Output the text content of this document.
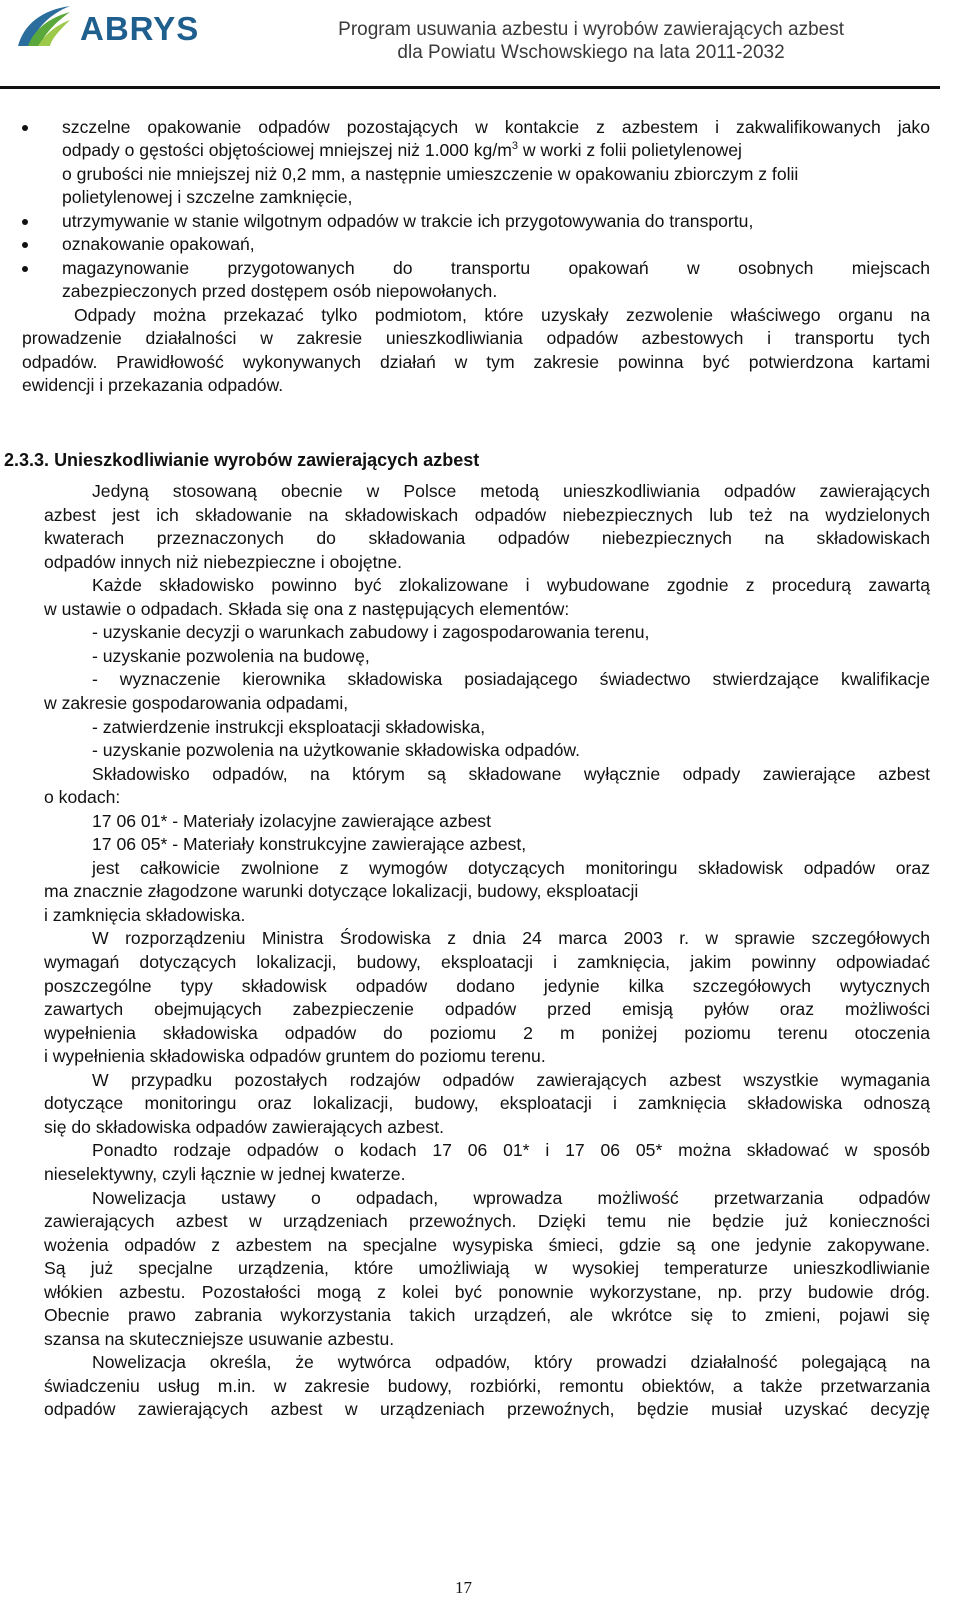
ABRYS	Program usuwania azbestu i wyrobów zawierających azbest
dla Powiatu Wschowskiego na lata 2011-2032
szczelne opakowanie odpadów pozostających w kontakcie z azbestem i zakwalifikowanych jako
odpady o gęstości objętościowej mniejszej niż 1.000 $kg/m^3$ w worki z folii polietylenowej
o grubości nie mniejszej niż 0,2 mm, a następnie umieszczenie w opakowaniu zbiorczym z folii
polietylenowej i szczelne zamknięcie,
utrzymywanie w stanie wilgotnym odpadów w trakcie ich przygotowywania do transportu,
oznakowanie opakowań,
magazynowanie przygotowanych do transportu opakowań w osobnych miejscach
zabezpieczonych przed dostępem osób niepowołanych.
Odpady można przekazać tylko podmiotom, które uzyskały zezwolenie właściwego organu na
prowadzenie działalności w zakresie unieszkodliwiania odpadów azbestowych i transportu tych
odpadów. Prawidłowość wykonywanych działań w tym zakresie powinna być potwierdzona kartami
ewidencji i przekazania odpadów.
2.3.3. Unieszkodliwianie wyrobów zawierających azbest
Jedyną stosowaną obecnie w Polsce metodą unieszkodliwiania odpadów zawierających
azbest jest ich składowanie na składowiskach odpadów niebezpiecznych lub też na wydzielonych
kwaterach przeznaczonych do składowania odpadów niebezpiecznych na składowiskach
odpadów innych niż niebezpieczne i obojętne.
Każde składowisko powinno być zlokalizowane i wybudowane zgodnie z procedurą zawartą
w ustawie o odpadach. Składa się ona z następujących elementów:
- uzyskanie decyzji o warunkach zabudowy i zagospodarowania terenu,
- uzyskanie pozwolenia na budowę,
- wyznaczenie kierownika składowiska posiadającego świadectwo stwierdzające kwalifikacje
w zakresie gospodarowania odpadami,
- zatwierdzenie instrukcji eksploatacji składowiska,
- uzyskanie pozwolenia na użytkowanie składowiska odpadów.
Składowisko odpadów, na którym są składowane wyłącznie odpady zawierające azbest
o kodach:
17 06 01* - Materiały izolacyjne zawierające azbest
17 06 05* - Materiały konstrukcyjne zawierające azbest,
jest całkowicie zwolnione z wymogów dotyczących monitoringu składowisk odpadów oraz
ma znacznie złagodzone warunki dotyczące lokalizacji, budowy, eksploatacji
i zamknięcia składowiska.
W rozporządzeniu Ministra Środowiska z dnia 24 marca 2003 r. w sprawie szczegółowych
wymagań dotyczących lokalizacji, budowy, eksploatacji i zamknięcia, jakim powinny odpowiadać
poszczególne typy składowisk odpadów dodano jedynie kilka szczegółowych wytycznych
zawartych obejmujących zabezpieczenie odpadów przed emisją pyłów oraz możliwości
wypełnienia składowiska odpadów do poziomu 2 m poniżej poziomu terenu otoczenia
i wypełnienia składowiska odpadów gruntem do poziomu terenu.
W przypadku pozostałych rodzajów odpadów zawierających azbest wszystkie wymagania
dotyczące monitoringu oraz lokalizacji, budowy, eksploatacji i zamknięcia składowiska odnoszą
się do składowiska odpadów zawierających azbest.
Ponadto rodzaje odpadów o kodach 17 06 01* i 17 06 05* można składować w sposób
nieselektywny, czyli łącznie w jednej kwaterze.
Nowelizacja ustawy o odpadach, wprowadza możliwość przetwarzania odpadów
zawierających azbest w urządzeniach przewoźnych. Dzięki temu nie będzie już konieczności
wożenia odpadów z azbestem na specjalne wysypiska śmieci, gdzie są one jedynie zakopywane.
Są już specjalne urządzenia, które umożliwiają w wysokiej temperaturze unieszkodliwianie
włókien azbestu. Pozostałości mogą z kolei być ponownie wykorzystane, np. przy budowie dróg.
Obecnie prawo zabrania wykorzystania takich urządzeń, ale wkrótce się to zmieni, pojawi się
szansa na skuteczniejsze usuwanie azbestu.
Nowelizacja określa, że wytwórca odpadów, który prowadzi działalność polegającą na
świadczeniu usług m.in. w zakresie budowy, rozbiórki, remontu obiektów, a także przetwarzania
odpadów zawierających azbest w urządzeniach przewoźnych, będzie musiał uzyskać decyzję
17
